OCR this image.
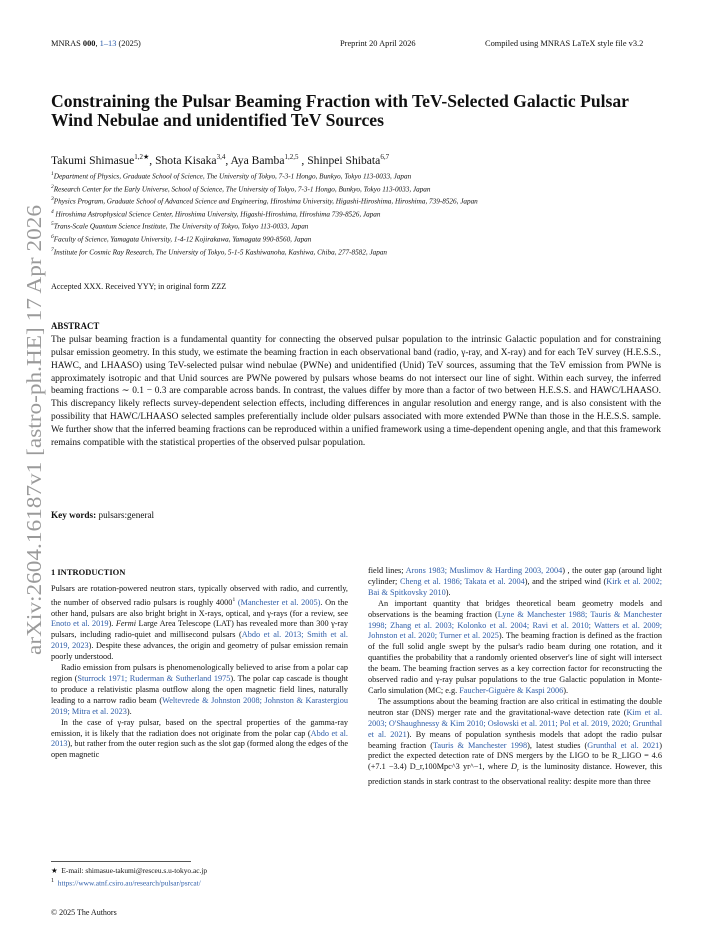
MNRAS 000, 1–13 (2025)	Preprint 20 April 2026	Compiled using MNRAS LaTeX style file v3.2
arXiv:2604.16187v1 [astro-ph.HE] 17 Apr 2026
Constraining the Pulsar Beaming Fraction with TeV-Selected Galactic Pulsar Wind Nebulae and unidentified TeV Sources
Takumi Shimasue$^{1,2★}$, Shota Kisaka$^{3,4}$, Aya Bamba$^{1,2,5}$ , Shinpei Shibata$^{6,7}$
$^1$Department of Physics, Graduate School of Science, The University of Tokyo, 7-3-1 Hongo, Bunkyo, Tokyo 113-0033, Japan
$^2$Research Center for the Early Universe, School of Science, The University of Tokyo, 7-3-1 Hongo, Bunkyo, Tokyo 113-0033, Japan
$^3$Physics Program, Graduate School of Advanced Science and Engineering, Hiroshima University, Higashi-Hiroshima, Hiroshima, 739-8526, Japan
$^4$ Hiroshima Astrophysical Science Center, Hiroshima University, Higashi-Hiroshima, Hiroshima 739-8526, Japan
$^5$Trans-Scale Quantum Science Institute, The University of Tokyo, Tokyo 113-0033, Japan
$^6$Faculty of Science, Yamagata University, 1-4-12 Kojirakawa, Yamagata 990-8560, Japan
$^7$Institute for Cosmic Ray Research, The University of Tokyo, 5-1-5 Kashiwanoha, Kashiwa, Chiba, 277-8582, Japan
Accepted XXX. Received YYY; in original form ZZZ
ABSTRACT
The pulsar beaming fraction is a fundamental quantity for connecting the observed pulsar population to the intrinsic Galactic population and for constraining pulsar emission geometry. In this study, we estimate the beaming fraction in each observational band (radio, γ-ray, and X-ray) and for each TeV survey (H.E.S.S., HAWC, and LHAASO) using TeV-selected pulsar wind nebulae (PWNe) and unidentified (Unid) TeV sources, assuming that the TeV emission from PWNe is approximately isotropic and that Unid sources are PWNe powered by pulsars whose beams do not intersect our line of sight. Within each survey, the inferred beaming fractions ∼ 0.1 − 0.3 are comparable across bands. In contrast, the values differ by more than a factor of two between H.E.S.S. and HAWC/LHAASO. This discrepancy likely reflects survey-dependent selection effects, including differences in angular resolution and energy range, and is also consistent with the possibility that HAWC/LHAASO selected samples preferentially include older pulsars associated with more extended PWNe than those in the H.E.S.S. sample. We further show that the inferred beaming fractions can be reproduced within a unified framework using a time-dependent opening angle, and that this framework remains compatible with the statistical properties of the observed pulsar population.
Key words: pulsars:general
1 INTRODUCTION

Pulsars are rotation-powered neutron stars, typically observed with radio, and currently, the number of observed radio pulsars is roughly 4000$^1$ (Manchester et al. 2005). On the other hand, pulsars are also bright bright in X-rays, optical, and γ-rays (for a review, see Enoto et al. 2019). Fermi Large Area Telescope (LAT) has revealed more than 300 γ-ray pulsars, including radio-quiet and millisecond pulsars (Abdo et al. 2013; Smith et al. 2019, 2023). Despite these advances, the origin and geometry of pulsar emission remain poorly understood.

Radio emission from pulsars is phenomenologically believed to arise from a polar cap region (Sturrock 1971; Ruderman & Sutherland 1975). The polar cap cascade is thought to produce a relativistic plasma outflow along the open magnetic field lines, naturally leading to a narrow radio beam (Weltevrede & Johnston 2008; Johnston & Karastergiou 2019; Mitra et al. 2023).

In the case of γ-ray pulsar, based on the spectral properties of the gamma-ray emission, it is likely that the radiation does not originate from the polar cap (Abdo et al. 2013), but rather from the outer region such as the slot gap (formed along the edges of the open magnetic

field lines; Arons 1983; Muslimov & Harding 2003, 2004) , the outer gap (around light cylinder; Cheng et al. 1986; Takata et al. 2004), and the striped wind (Kirk et al. 2002; Bai & Spitkovsky 2010).

An important quantity that bridges theoretical beam geometry models and observations is the beaming fraction (Lyne & Manchester 1988; Tauris & Manchester 1998; Zhang et al. 2003; Kolonko et al. 2004; Ravi et al. 2010; Watters et al. 2009; Johnston et al. 2020; Turner et al. 2025). The beaming fraction is defined as the fraction of the full solid angle swept by the pulsar's radio beam during one rotation, and it quantifies the probability that a randomly oriented observer's line of sight will intersect the beam. The beaming fraction serves as a key correction factor for reconstructing the observed radio and γ-ray pulsar populations to the true Galactic population in Monte-Carlo simulation (MC; e.g. Faucher-Giguère & Kaspi 2006).

The assumptions about the beaming fraction are also critical in estimating the double neutron star (DNS) merger rate and the gravitational-wave detection rate (Kim et al. 2003; O'Shaughnessy & Kim 2010; Osłowski et al. 2011; Pol et al. 2019, 2020; Grunthal et al. 2021). By means of population synthesis models that adopt the radio pulsar beaming fraction (Tauris & Manchester 1998), latest studies (Grunthal et al. 2021) predict the expected detection rate of DNS mergers by the LIGO to be R_LIGO = 4.6 (+7.1 −3.4) D_r,100Mpc^3 yr^−1, where $D_r$ is the luminosity distance. However, this prediction stands in stark contrast to the observational reality: despite more than three

★ E-mail: shimasue-takumi@resceu.s.u-tokyo.ac.jp
$^1$ https://www.atnf.csiro.au/research/pulsar/psrcat/
© 2025 The Authors
